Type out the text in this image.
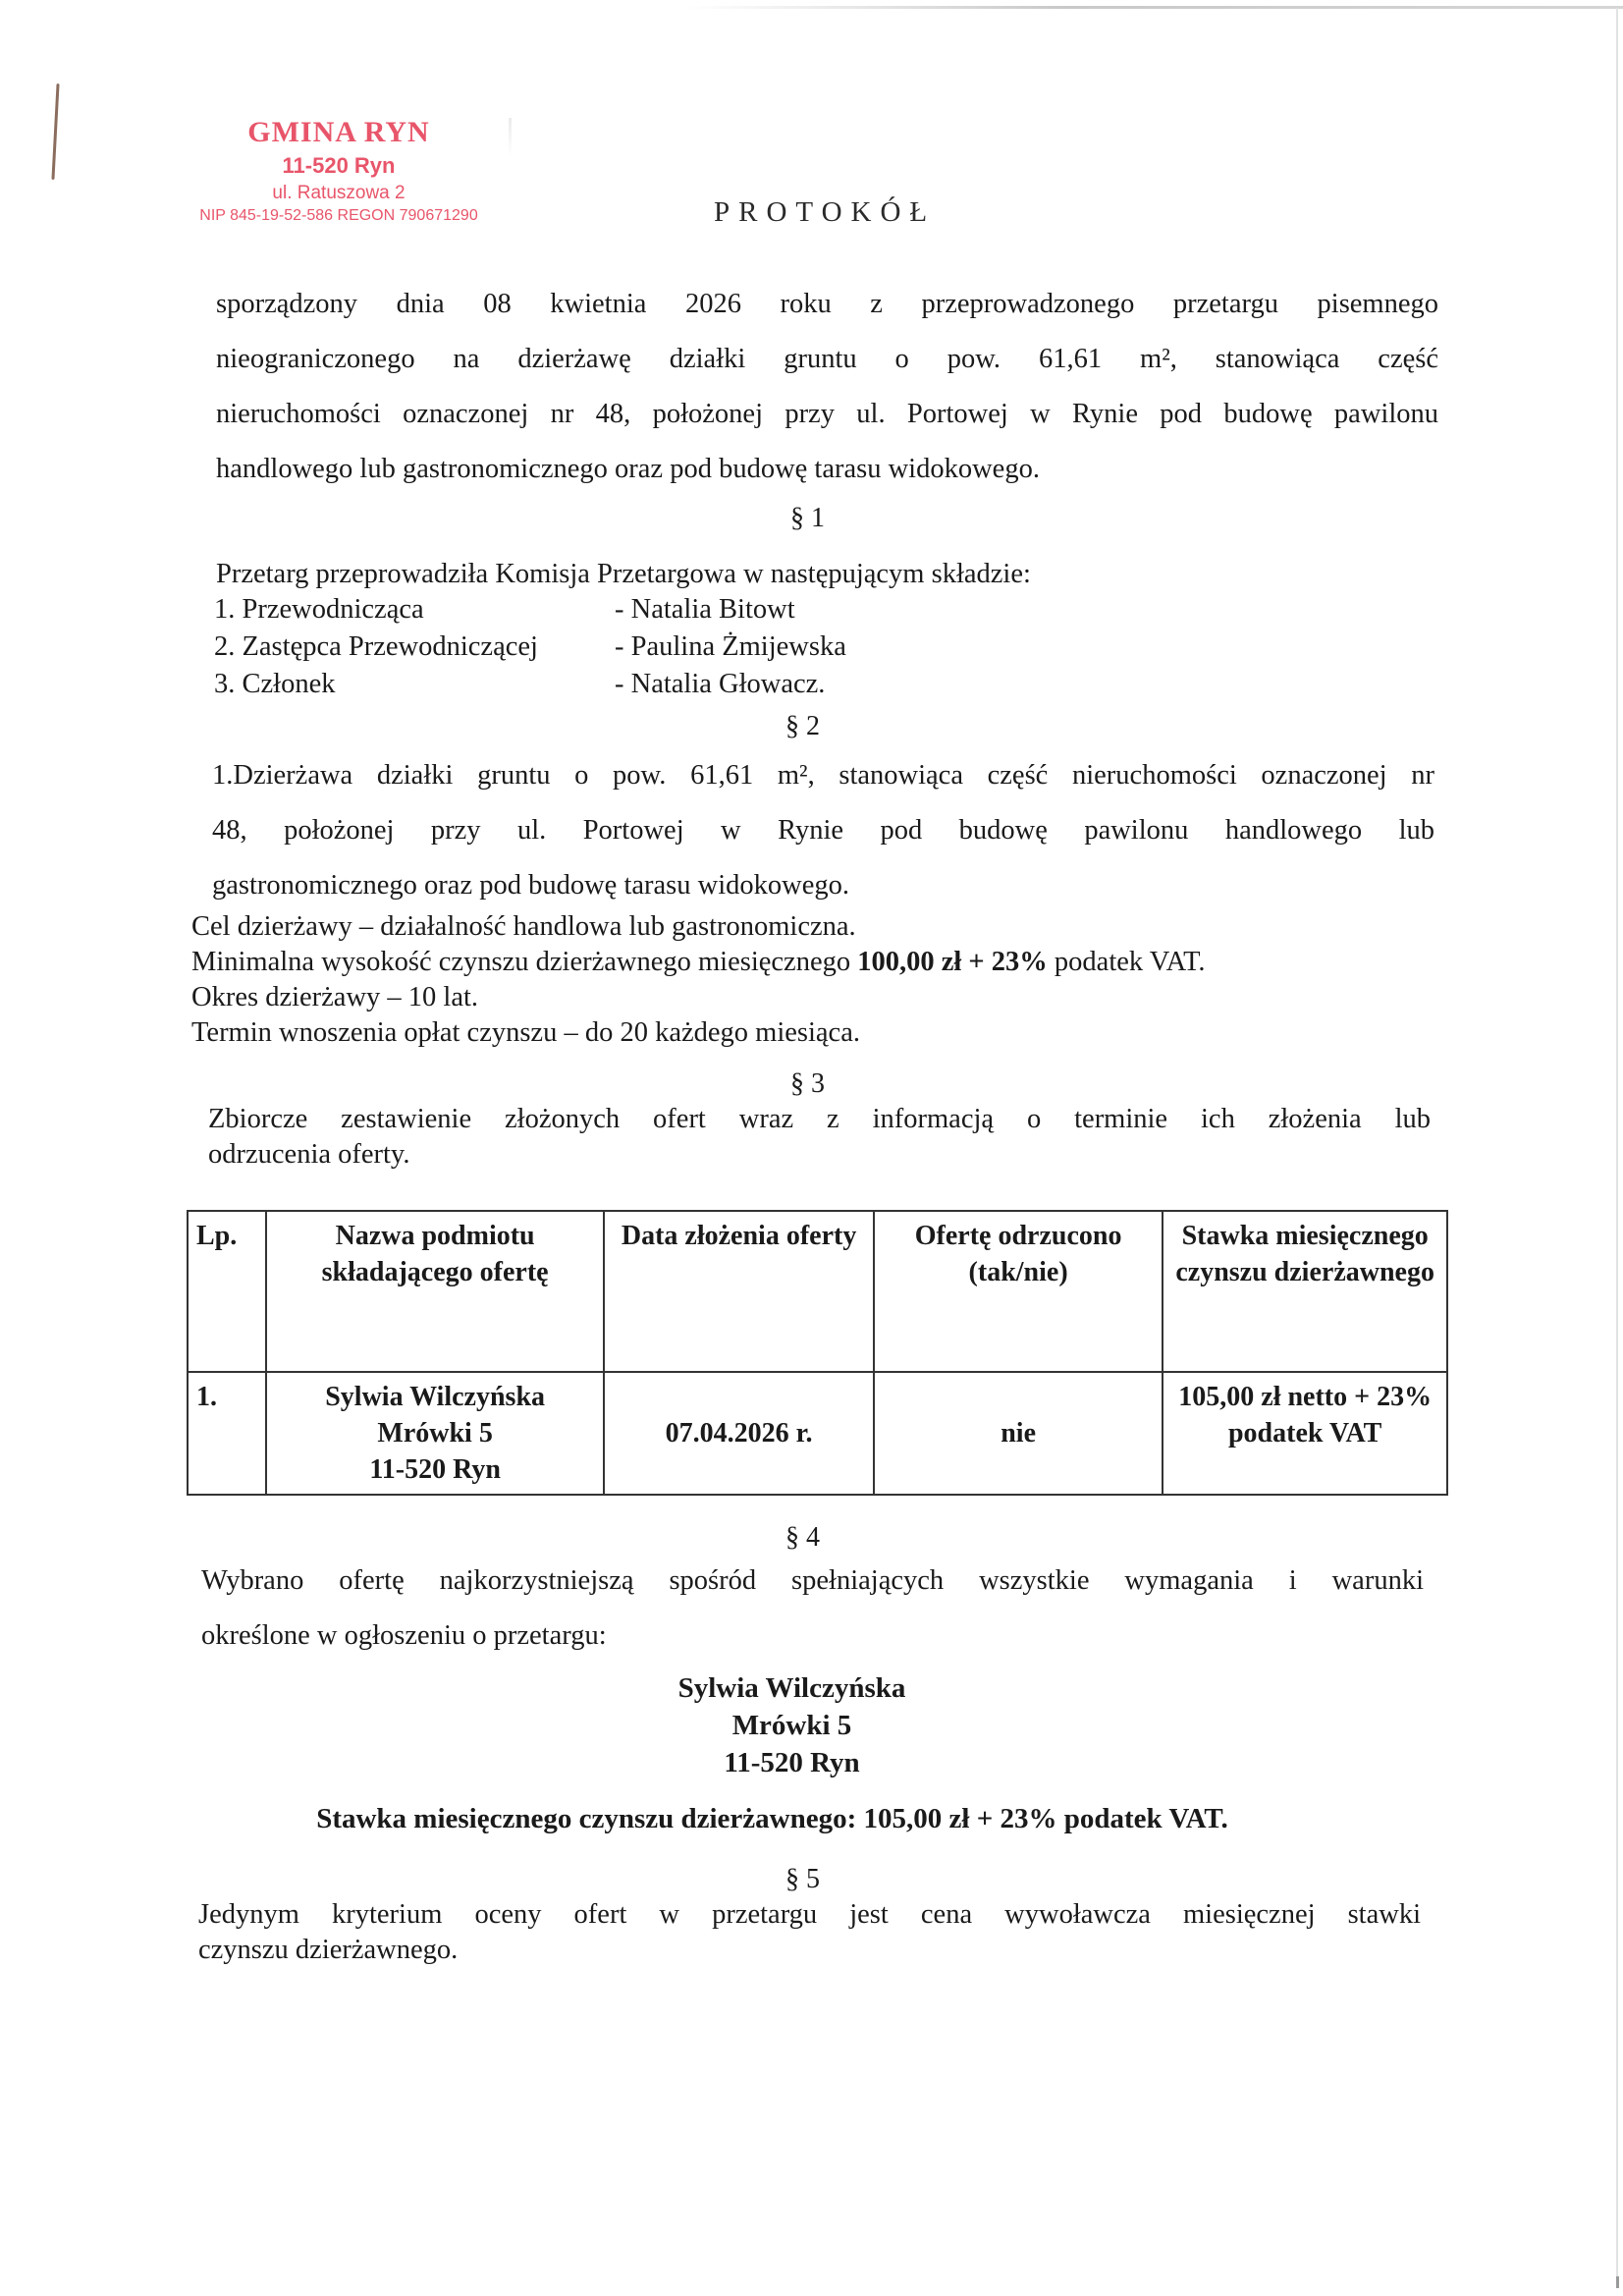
GMINA RYN
11-520 Ryn
ul. Ratuszowa 2
NIP 845-19-52-586 REGON 790671290	PROTOKÓŁ
sporządzony dnia 08 kwietnia 2026 roku z przeprowadzonego przetargu pisemnego
nieograniczonego na dzierżawę działki gruntu o pow. 61,61 m², stanowiąca część
nieruchomości oznaczonej nr 48, położonej przy ul. Portowej w Rynie pod budowę pawilonu
handlowego lub gastronomicznego oraz pod budowę tarasu widokowego.
§ 1
Przetarg przeprowadziła Komisja Przetargowa w następującym składzie:
1. Przewodnicząca	- Natalia Bitowt
2. Zastępca Przewodniczącej	- Paulina Żmijewska
3. Członek	- Natalia Głowacz.
§ 2
1.Dzierżawa działki gruntu o pow. 61,61 m², stanowiąca część nieruchomości oznaczonej nr
48, położonej przy ul. Portowej w Rynie pod budowę pawilonu handlowego lub
gastronomicznego oraz pod budowę tarasu widokowego.
Cel dzierżawy – działalność handlowa lub gastronomiczna.
Minimalna wysokość czynszu dzierżawnego miesięcznego 100,00 zł + 23% podatek VAT.
Okres dzierżawy – 10 lat.
Termin wnoszenia opłat czynszu – do 20 każdego miesiąca.
§ 3
Zbiorcze zestawienie złożonych ofert wraz z informacją o terminie ich złożenia lub
odrzucenia oferty.
Lp.	Nazwa podmiotu składającego ofertę	Data złożenia oferty	Ofertę odrzucono (tak/nie)	Stawka miesięcznego czynszu dzierżawnego
1.	Sylwia Wilczyńska
Mrówki 5
11-520 Ryn	07.04.2026 r.	nie	105,00 zł netto + 23% podatek VAT
§ 4
Wybrano ofertę najkorzystniejszą spośród spełniających wszystkie wymagania i warunki
określone w ogłoszeniu o przetargu:
Sylwia Wilczyńska
Mrówki 5
11-520 Ryn
Stawka miesięcznego czynszu dzierżawnego: 105,00 zł + 23% podatek VAT.
§ 5
Jedynym kryterium oceny ofert w przetargu jest cena wywoławcza miesięcznej stawki
czynszu dzierżawnego.
